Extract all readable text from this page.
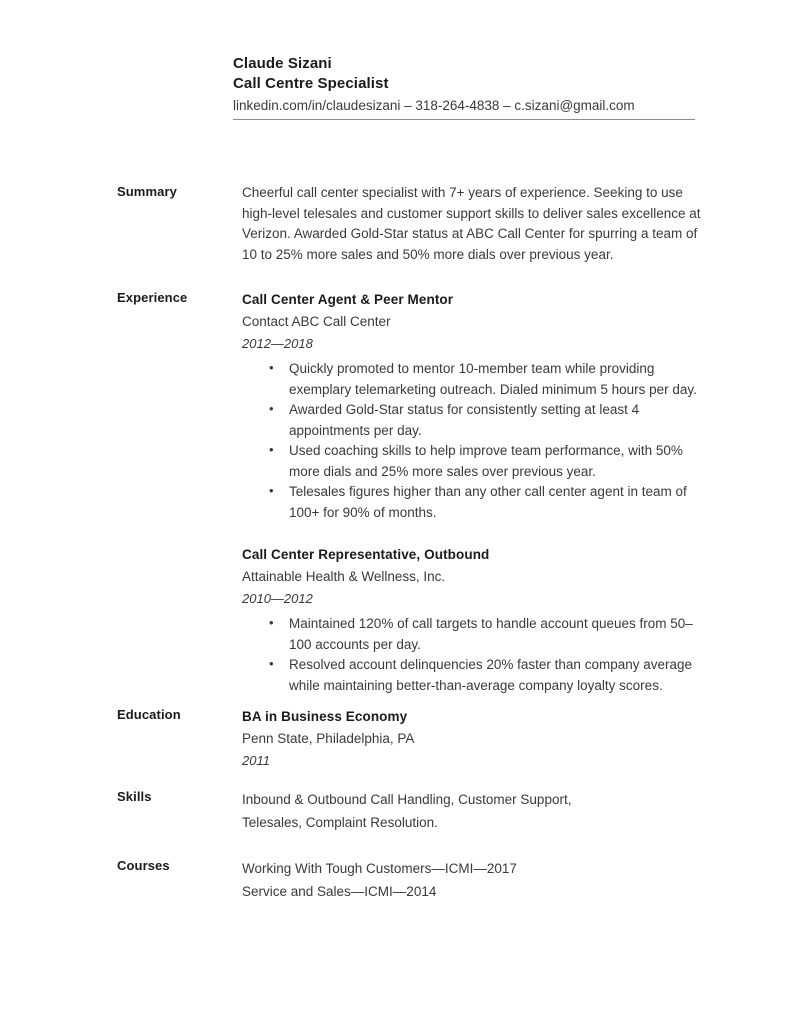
Claude Sizani
Call Centre Specialist
linkedin.com/in/claudesizani – 318-264-4838 – c.sizani@gmail.com
Summary	Cheerful call center specialist with 7+ years of experience. Seeking to use high-level telesales and customer support skills to deliver sales excellence at Verizon. Awarded Gold-Star status at ABC Call Center for spurring a team of 10 to 25% more sales and 50% more dials over previous year.
Experience	Call Center Agent & Peer Mentor
Contact ABC Call Center
2012—2018
• Quickly promoted to mentor 10-member team while providing exemplary telemarketing outreach. Dialed minimum 5 hours per day.
• Awarded Gold-Star status for consistently setting at least 4 appointments per day.
• Used coaching skills to help improve team performance, with 50% more dials and 25% more sales over previous year.
• Telesales figures higher than any other call center agent in team of 100+ for 90% of months.
Call Center Representative, Outbound
Attainable Health & Wellness, Inc.
2010—2012
• Maintained 120% of call targets to handle account queues from 50–100 accounts per day.
• Resolved account delinquencies 20% faster than company average while maintaining better-than-average company loyalty scores.
Education	BA in Business Economy
Penn State, Philadelphia, PA
2011
Skills	Inbound & Outbound Call Handling, Customer Support,
Telesales, Complaint Resolution.
Courses	Working With Tough Customers—ICMI—2017
Service and Sales—ICMI—2014
